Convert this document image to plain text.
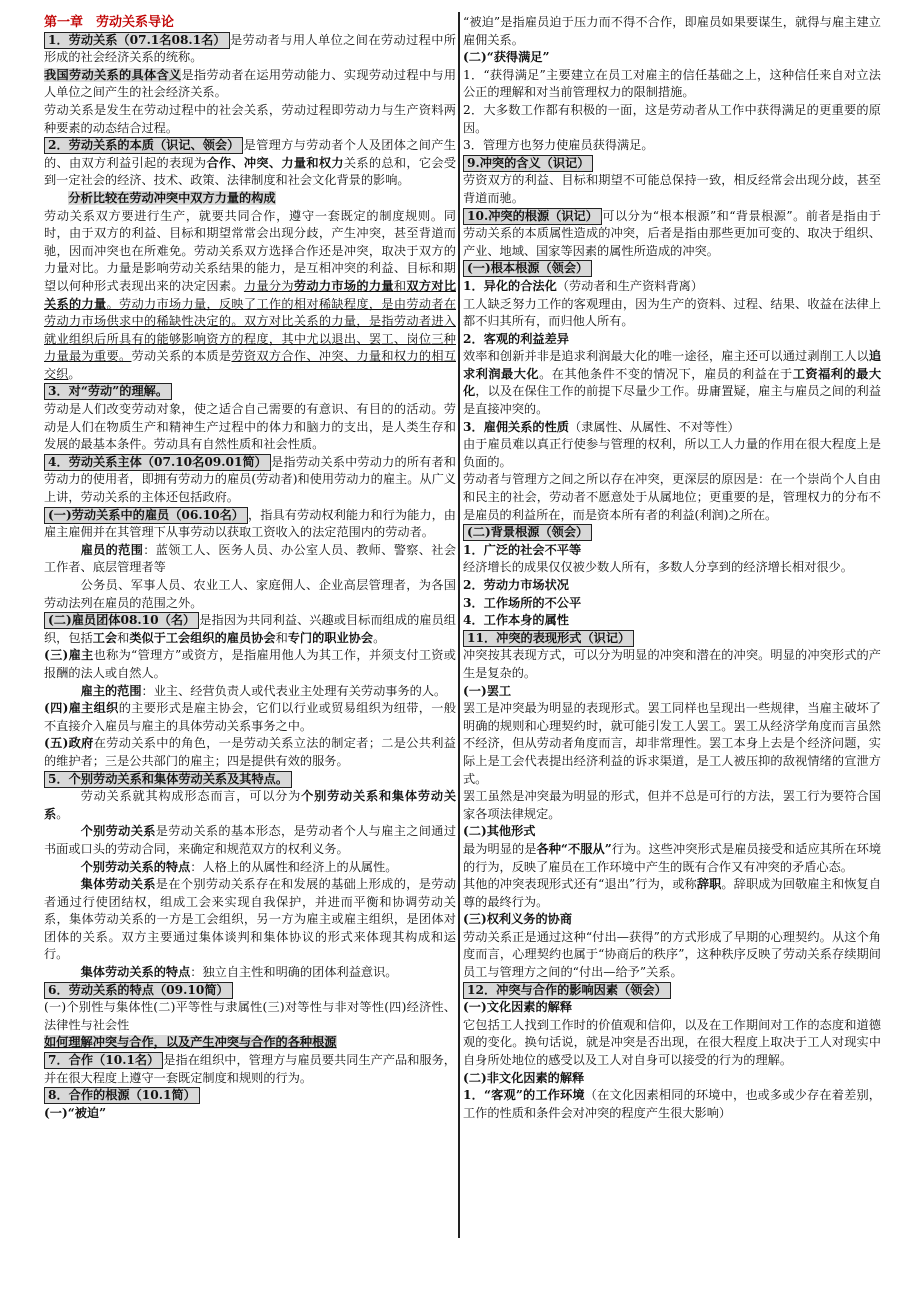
第一章　劳动关系导论

1．劳动关系（07.1名08.1名） 是劳动者与用人单位之间在劳动过程中所形成的社会经济关系的统称。

我国劳动关系的具体含义是指劳动者在运用劳动能力、实现劳动过程中与用人单位之间产生的社会经济关系。

劳动关系是发生在劳动过程中的社会关系，劳动过程即劳动力与生产资料两种要素的动态结合过程。

2．劳动关系的本质（识记、领会） 是管理方与劳动者个人及团体之间产生的、由双方利益引起的表现为合作、冲突、力量和权力关系的总和，它会受到一定社会的经济、技术、政策、法律制度和社会文化背景的影响。

分析比较在劳动冲突中双方力量的构成

劳动关系双方要进行生产，就要共同合作，遵守一套既定的制度规则。同时，由于双方的利益、目标和期望常常会出现分歧，产生冲突，甚至背道而驰，因而冲突也在所难免。劳动关系双方选择合作还是冲突，取决于双方的力量对比。力量是影响劳动关系结果的能力，是互相冲突的利益、目标和期望以何种形式表现出来的决定因素。力量分为劳动力市场的力量和双方对比关系的力量。劳动力市场力量，反映了工作的相对稀缺程度，是由劳动者在劳动力市场供求中的稀缺性决定的。双方对比关系的力量，是指劳动者进入就业组织后所具有的能够影响资方的程度，其中尤以退出、罢工、岗位三种力量最为重要。劳动关系的本质是劳资双方合作、冲突、力量和权力的相互交织。

3．对“劳动”的理解。

劳动是人们改变劳动对象，使之适合自己需要的有意识、有目的的活动。劳动是人们在物质生产和精神生产过程中的体力和脑力的支出，是人类生存和发展的最基本条件。劳动具有自然性质和社会性质。

4．劳动关系主体（07.10名09.01简） 是指劳动关系中劳动力的所有者和劳动力的使用者，即拥有劳动力的雇员(劳动者)和使用劳动力的雇主。从广义上讲，劳动关系的主体还包括政府。

(一)劳动关系中的雇员（06.10名） ，指具有劳动权利能力和行为能力，由雇主雇佣并在其管理下从事劳动以获取工资收入的法定范围内的劳动者。

雇员的范围：蓝领工人、医务人员、办公室人员、教师、警察、社会工作者、底层管理者等

公务员、军事人员、农业工人、家庭佣人、企业高层管理者，为各国劳动法列在雇员的范围之外。

(二)雇员团体08.10（名） 是指因为共同利益、兴趣或目标而组成的雇员组织，包括工会和类似于工会组织的雇员协会和专门的职业协会。

(三)雇主也称为“管理方”或资方，是指雇用他人为其工作，并须支付工资或报酬的法人或自然人。

雇主的范围：业主、经营负责人或代表业主处理有关劳动事务的人。

(四)雇主组织的主要形式是雇主协会，它们以行业或贸易组织为纽带，一般不直接介入雇员与雇主的具体劳动关系事务之中。

(五)政府在劳动关系中的角色，一是劳动关系立法的制定者；二是公共利益的维护者；三是公共部门的雇主；四是提供有效的服务。

5．个别劳动关系和集体劳动关系及其特点。

劳动关系就其构成形态而言，可以分为个别劳动关系和集体劳动关系。

个别劳动关系是劳动关系的基本形态，是劳动者个人与雇主之间通过书面或口头的劳动合同，来确定和规范双方的权利义务。

个别劳动关系的特点：人格上的从属性和经济上的从属性。

集体劳动关系是在个别劳动关系存在和发展的基础上形成的，是劳动者通过行使团结权，组成工会来实现自我保护，并进而平衡和协调劳动关系，集体劳动关系的一方是工会组织，另一方为雇主或雇主组织，是团体对团体的关系。双方主要通过集体谈判和集体协议的形式来体现其构成和运行。

集体劳动关系的特点：独立自主性和明确的团体利益意识。

6．劳动关系的特点（09.10简）

(一)个别性与集体性(二)平等性与隶属性(三)对等性与非对等性(四)经济性、法律性与社会性

如何理解冲突与合作，以及产生冲突与合作的各种根源

7．合作（10.1名） 是指在组织中，管理方与雇员要共同生产产品和服务，并在很大程度上遵守一套既定制度和规则的行为。

8．合作的根源（10.1简）

(一)“被迫”

“被迫”是指雇员迫于压力而不得不合作，即雇员如果要谋生，就得与雇主建立雇佣关系。

(二)“获得满足”

1．“获得满足”主要建立在员工对雇主的信任基础之上，这种信任来自对立法公正的理解和对当前管理权力的限制措施。

2．大多数工作都有积极的一面，这是劳动者从工作中获得满足的更重要的原因。

3．管理方也努力使雇员获得满足。

9.冲突的含义（识记）

劳资双方的利益、目标和期望不可能总保持一致，相反经常会出现分歧，甚至背道而驰。

10.冲突的根源（识记） 可以分为“根本根源”和“背景根源”。前者是指由于劳动关系的本质属性造成的冲突，后者是指由那些更加可变的、取决于组织、产业、地域、国家等因素的属性所造成的冲突。

(一)根本根源（领会）

1．异化的合法化（劳动者和生产资料背离）

工人缺乏努力工作的客观理由，因为生产的资料、过程、结果、收益在法律上都不归其所有，而归他人所有。

2．客观的利益差异

效率和创新并非是追求利润最大化的唯一途径，雇主还可以通过剥削工人以追求利润最大化。在其他条件不变的情况下，雇员的利益在于工资福利的最大化，以及在保住工作的前提下尽量少工作。毋庸置疑，雇主与雇员之间的利益是直接冲突的。

3．雇佣关系的性质（隶属性、从属性、不对等性）

由于雇员难以真正行使参与管理的权利，所以工人力量的作用在很大程度上是负面的。

劳动者与管理方之间之所以存在冲突，更深层的原因是：在一个崇尚个人自由和民主的社会，劳动者不愿意处于从属地位；更重要的是，管理权力的分布不是雇员的利益所在，而是资本所有者的利益(利润)之所在。

(二)背景根源（领会）

1．广泛的社会不平等

经济增长的成果仅仅被少数人所有，多数人分享到的经济增长相对很少。

2．劳动力市场状况

3．工作场所的不公平

4．工作本身的属性

11．冲突的表现形式（识记）

冲突按其表现方式，可以分为明显的冲突和潜在的冲突。明显的冲突形式的产生是复杂的。

(一)罢工

罢工是冲突最为明显的表现形式。罢工同样也呈现出一些规律，当雇主破坏了明确的规则和心理契约时，就可能引发工人罢工。罢工从经济学角度而言虽然不经济，但从劳动者角度而言，却非常理性。罢工本身上去是个经济问题，实际上是工会代表提出经济利益的诉求渠道，是工人被压抑的敌视情绪的宣泄方式。

罢工虽然是冲突最为明显的形式，但并不总是可行的方法，罢工行为要符合国家各项法律规定。

(二)其他形式

最为明显的是各种“不服从”行为。这些冲突形式是雇员接受和适应其所在环境的行为，反映了雇员在工作环境中产生的既有合作又有冲突的矛盾心态。

其他的冲突表现形式还有“退出”行为，或称辞职。辞职成为回敬雇主和恢复自尊的最终行为。

(三)权利义务的协商

劳动关系正是通过这种“付出—获得”的方式形成了早期的心理契约。从这个角度而言，心理契约也属于“协商后的秩序”，这种秩序反映了劳动关系存续期间员工与管理方之间的“付出—给予”关系。

12．冲突与合作的影响因素（领会）

(一)文化因素的解释

它包括工人找到工作时的价值观和信仰，以及在工作期间对工作的态度和道德观的变化。换句话说，就是冲突是否出现，在很大程度上取决于工人对现实中自身所处地位的感受以及工人对自身可以接受的行为的理解。

(二)非文化因素的解释

1．“客观”的工作环境（在文化因素相同的环境中，也或多或少存在着差别，工作的性质和条件会对冲突的程度产生很大影响）
